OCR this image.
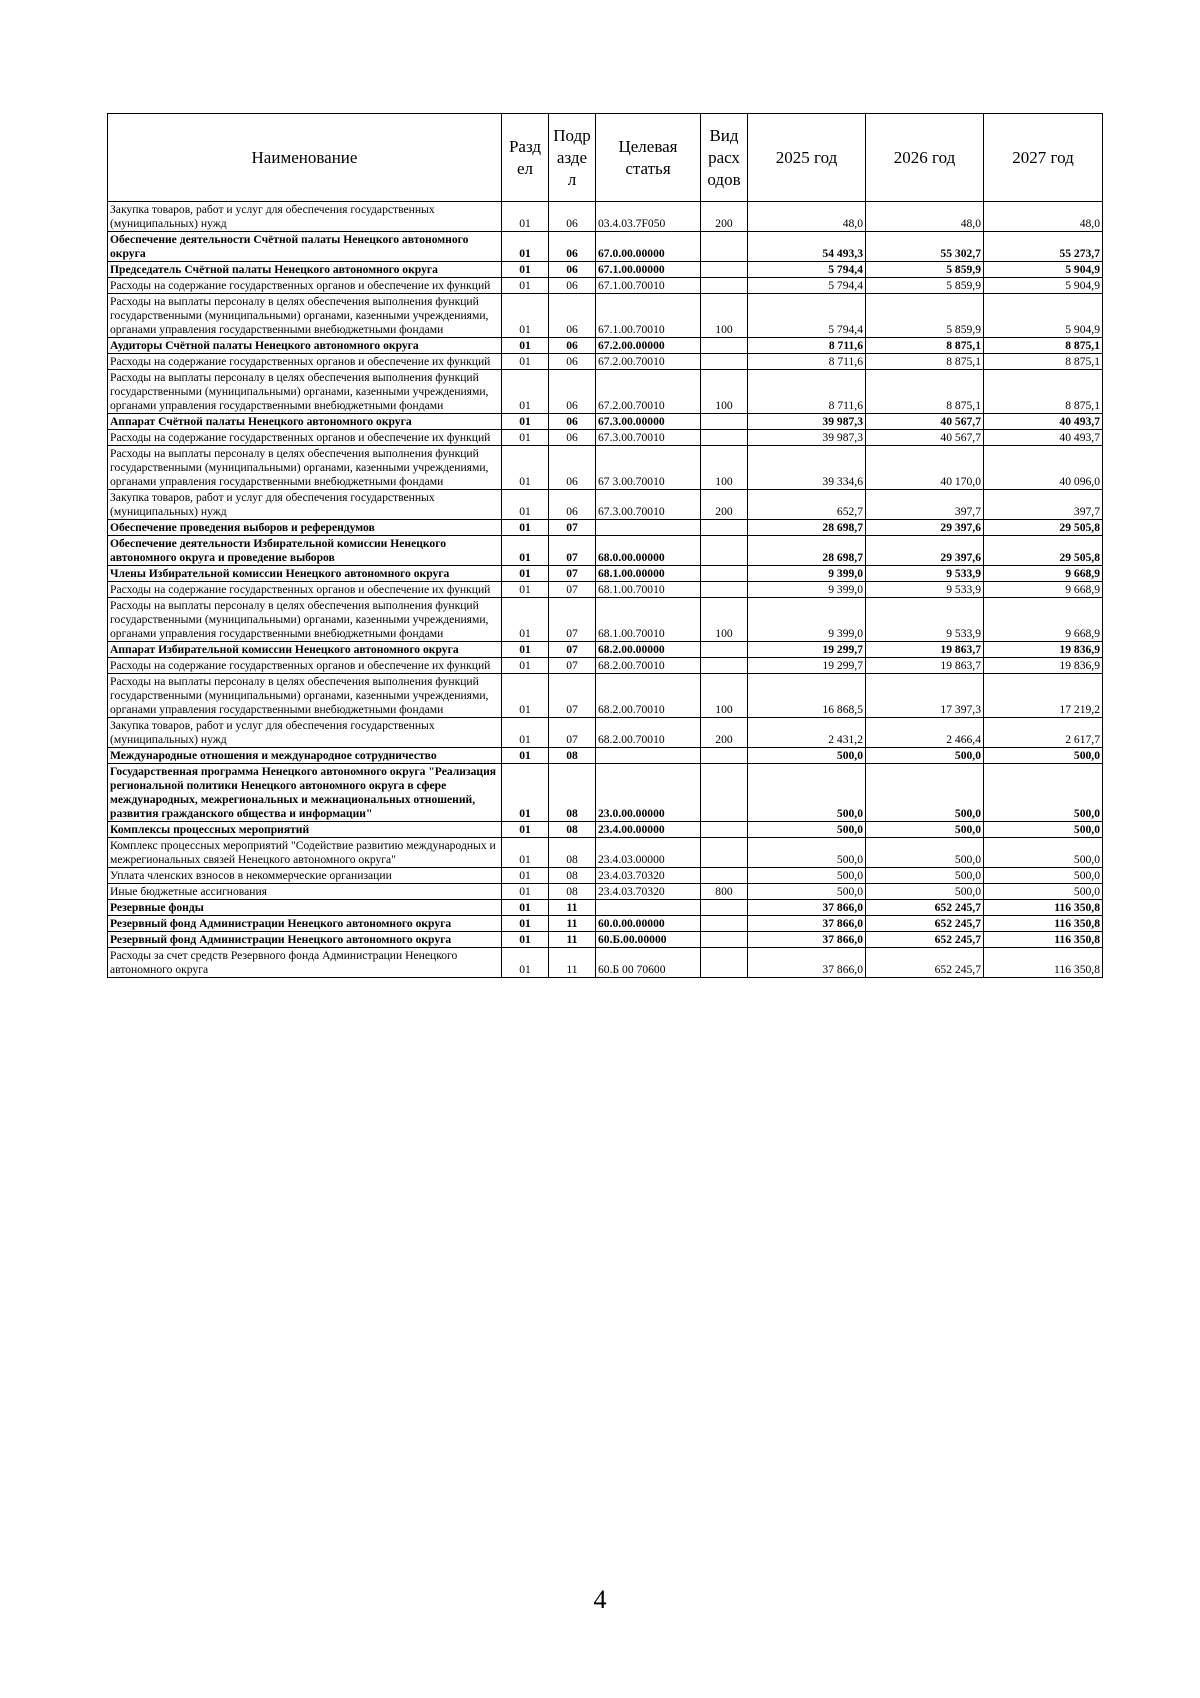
Наименование	Разд ел	Подр азде л	Целевая статья	Вид расх одов	2025 год	2026 год	2027 год
Закупка товаров, работ и услуг для обеспечения государственных (муниципальных) нужд	01	06	03.4.03.7F050	200	48,0	48,0	48,0
Обеспечение деятельности Счётной палаты Ненецкого автономного округа	01	06	67.0.00.00000		54 493,3	55 302,7	55 273,7
Председатель Счётной палаты Ненецкого автономного округа	01	06	67.1.00.00000		5 794,4	5 859,9	5 904,9
Расходы на содержание государственных органов и обеспечение их функций	01	06	67.1.00.70010		5 794,4	5 859,9	5 904,9
Расходы на выплаты персоналу в целях обеспечения выполнения функций государственными (муниципальными) органами, казенными учреждениями, органами управления государственными внебюджетными фондами	01	06	67.1.00.70010	100	5 794,4	5 859,9	5 904,9
Аудиторы Счётной палаты Ненецкого автономного округа	01	06	67.2.00.00000		8 711,6	8 875,1	8 875,1
Расходы на содержание государственных органов и обеспечение их функций	01	06	67.2.00.70010		8 711,6	8 875,1	8 875,1
Расходы на выплаты персоналу в целях обеспечения выполнения функций государственными (муниципальными) органами, казенными учреждениями, органами управления государственными внебюджетными фондами	01	06	67.2.00.70010	100	8 711,6	8 875,1	8 875,1
Аппарат Счётной палаты Ненецкого автономного округа	01	06	67.3.00.00000		39 987,3	40 567,7	40 493,7
Расходы на содержание государственных органов и обеспечение их функций	01	06	67.3.00.70010		39 987,3	40 567,7	40 493,7
Расходы на выплаты персоналу в целях обеспечения выполнения функций государственными (муниципальными) органами, казенными учреждениями, органами управления государственными внебюджетными фондами	01	06	67 3.00.70010	100	39 334,6	40 170,0	40 096,0
Закупка товаров, работ и услуг для обеспечения государственных (муниципальных) нужд	01	06	67.3.00.70010	200	652,7	397,7	397,7
Обеспечение проведения выборов и референдумов	01	07			28 698,7	29 397,6	29 505,8
Обеспечение деятельности Избирательной комиссии Ненецкого автономного округа и проведение выборов	01	07	68.0.00.00000		28 698,7	29 397,6	29 505,8
Члены Избирательной комиссии Ненецкого автономного округа	01	07	68.1.00.00000		9 399,0	9 533,9	9 668,9
Расходы на содержание государственных органов и обеспечение их функций	01	07	68.1.00.70010		9 399,0	9 533,9	9 668,9
Расходы на выплаты персоналу в целях обеспечения выполнения функций государственными (муниципальными) органами, казенными учреждениями, органами управления государственными внебюджетными фондами	01	07	68.1.00.70010	100	9 399,0	9 533,9	9 668,9
Аппарат Избирательной комиссии Ненецкого автономного округа	01	07	68.2.00.00000		19 299,7	19 863,7	19 836,9
Расходы на содержание государственных органов и обеспечение их функций	01	07	68.2.00.70010		19 299,7	19 863,7	19 836,9
Расходы на выплаты персоналу в целях обеспечения выполнения функций государственными (муниципальными) органами, казенными учреждениями, органами управления государственными внебюджетными фондами	01	07	68.2.00.70010	100	16 868,5	17 397,3	17 219,2
Закупка товаров, работ и услуг для обеспечения государственных (муниципальных) нужд	01	07	68.2.00.70010	200	2 431,2	2 466,4	2 617,7
Международные отношения и международное сотрудничество	01	08			500,0	500,0	500,0
Государственная программа Ненецкого автономного округа "Реализация региональной политики Ненецкого автономного округа в сфере международных, межрегиональных и межнациональных отношений, развития гражданского общества и информации"	01	08	23.0.00.00000		500,0	500,0	500,0
Комплексы процессных мероприятий	01	08	23.4.00.00000		500,0	500,0	500,0
Комплекс процессных мероприятий "Содействие развитию международных и межрегиональных связей Ненецкого автономного округа"	01	08	23.4.03.00000		500,0	500,0	500,0
Уплата членских взносов в некоммерческие организации	01	08	23.4.03.70320		500,0	500,0	500,0
Иные бюджетные ассигнования	01	08	23.4.03.70320	800	500,0	500,0	500,0
Резервные фонды	01	11			37 866,0	652 245,7	116 350,8
Резервный фонд Администрации Ненецкого автономного округа	01	11	60.0.00.00000		37 866,0	652 245,7	116 350,8
Резервный фонд Администрации Ненецкого автономного округа	01	11	60.Б.00.00000		37 866,0	652 245,7	116 350,8
Расходы за счет средств Резервного фонда Администрации Ненецкого автономного округа	01	11	60.Б 00 70600		37 866,0	652 245,7	116 350,8
4
